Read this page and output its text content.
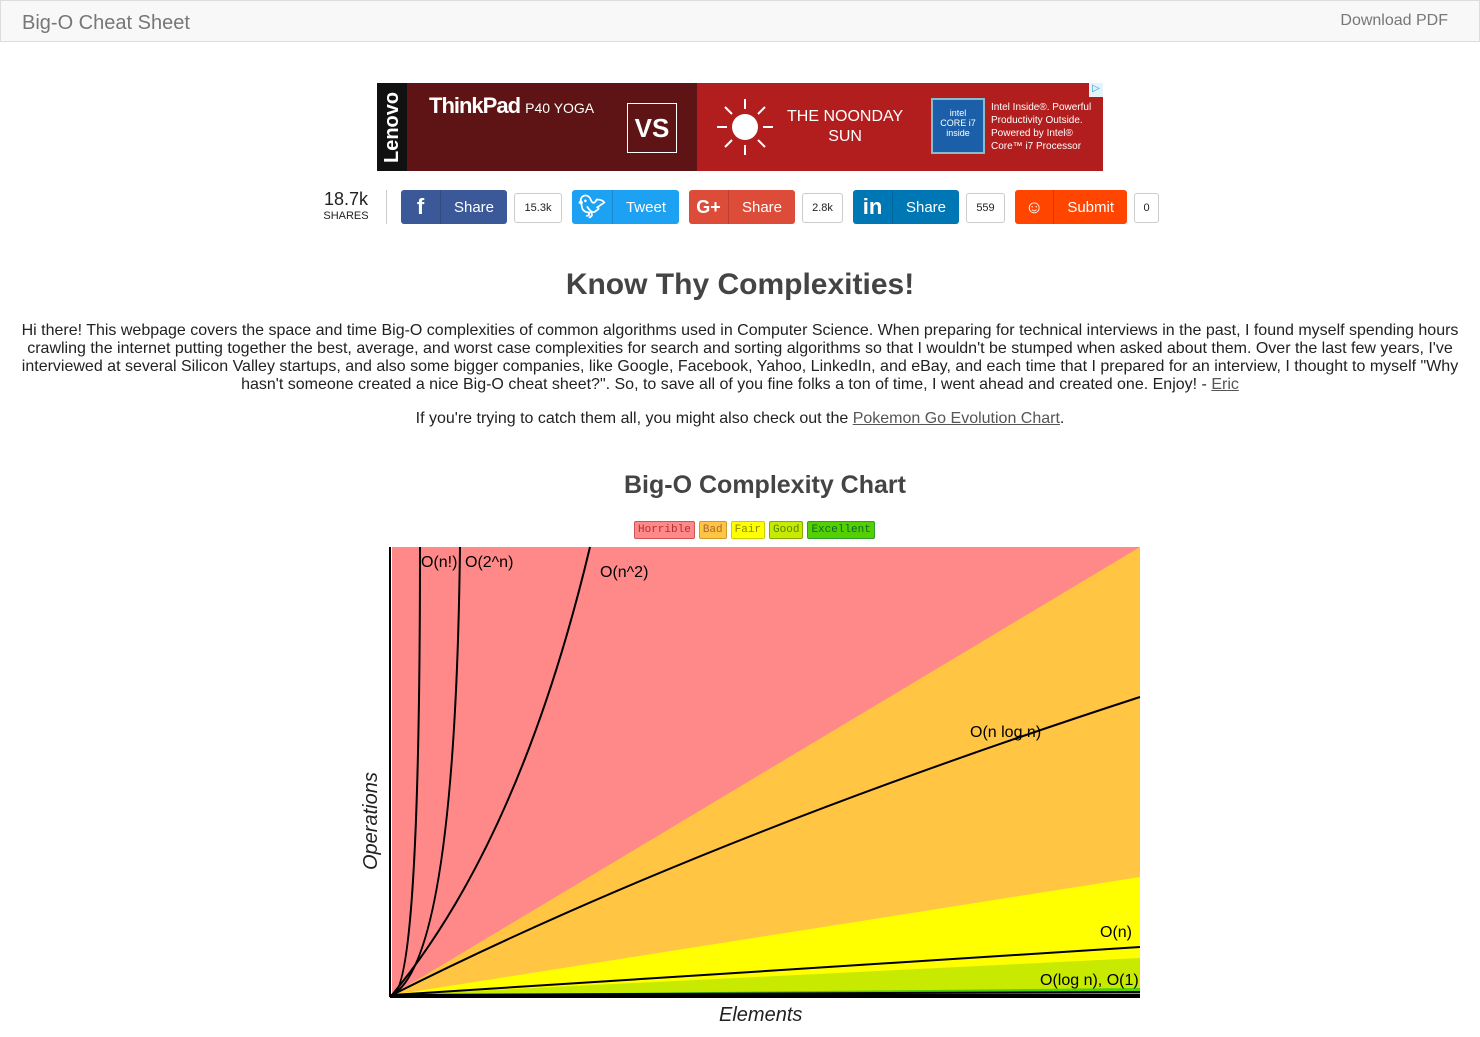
Big-O Cheat Sheet	Download PDF
Lenovo ThinkPad P40 YOGA
VS	THE NOONDAY
SUN
intel
CORE i7
inside
Intel Inside®. Powerful
Productivity Outside.
Powered by Intel®
Core™ i7 Processor
▷
18.7k
SHARES	f	Share	15.3k	🐦︎	Tweet	G+	Share	2.8k	in	Share	559	☺	Submit	0
Know Thy Complexities!

Hi there! This webpage covers the space and time Big-O complexities of common algorithms used in Computer Science. When preparing for technical interviews in the past, I found myself spending hours crawling the internet putting together the best, average, and worst case complexities for search and sorting algorithms so that I wouldn't be stumped when asked about them. Over the last few years, I've interviewed at several Silicon Valley startups, and also some bigger companies, like Google, Facebook, Yahoo, LinkedIn, and eBay, and each time that I prepared for an interview, I thought to myself "Why hasn't someone created a nice Big-O cheat sheet?". So, to save all of you fine folks a ton of time, I went ahead and created one. Enjoy! - Eric

If you're trying to catch them all, you might also check out the Pokemon Go Evolution Chart.

Big-O Complexity Chart
Horrible	Bad	Fair	Good	Excellent
O(n!) O(2^n)
O(n^2)
O(n log n)
O(n)
O(log n), O(1)
Operations
Elements
